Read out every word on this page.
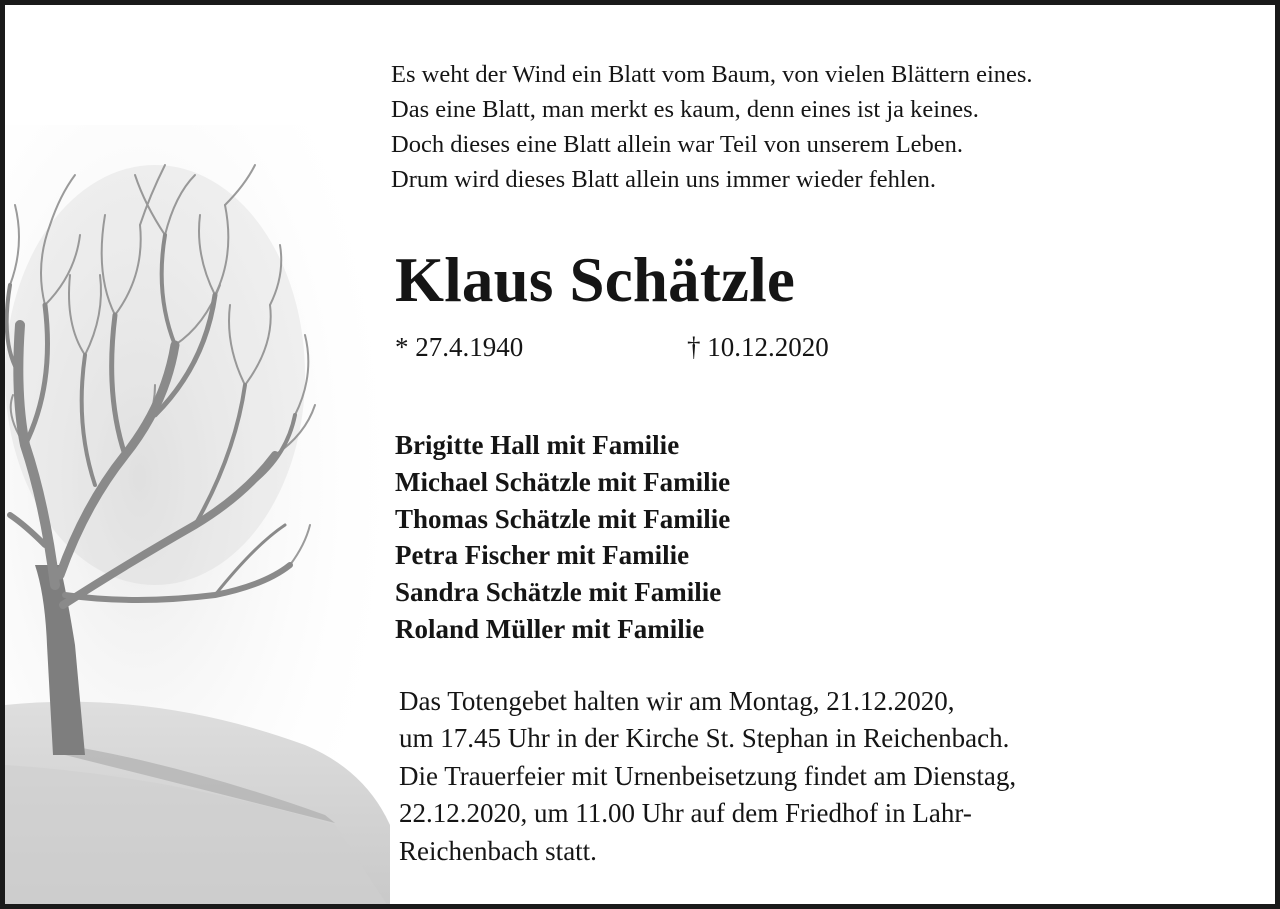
Es weht der Wind ein Blatt vom Baum, von vielen Blättern eines.
Das eine Blatt, man merkt es kaum, denn eines ist ja keines.
Doch dieses eine Blatt allein war Teil von unserem Leben.
Drum wird dieses Blatt allein uns immer wieder fehlen.
Klaus Schätzle
* 27.4.1940	† 10.12.2020
Brigitte Hall mit Familie
Michael Schätzle mit Familie
Thomas Schätzle mit Familie
Petra Fischer mit Familie
Sandra Schätzle mit Familie
Roland Müller mit Familie
Das Totengebet halten wir am Montag, 21.12.2020,
um 17.45 Uhr in der Kirche St. Stephan in Reichenbach.
Die Trauerfeier mit Urnenbeisetzung findet am Dienstag,
22.12.2020, um 11.00 Uhr auf dem Friedhof in Lahr-
Reichenbach statt.
